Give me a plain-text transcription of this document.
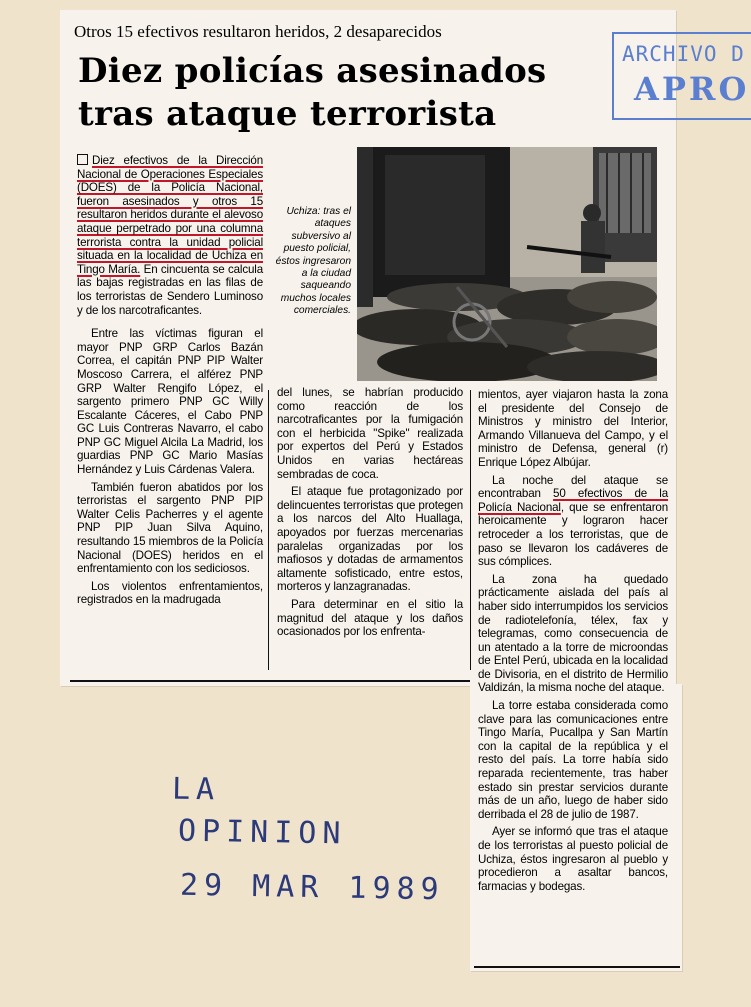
Otros 15 efectivos resultaron heridos, 2 desaparecidos
Diez policías asesinados
tras ataque terrorista
ARCHIVO D
APRO
Uchiza: tras el ataques subversivo al puesto policial, éstos ingresaron a la ciudad saqueando muchos locales comerciales.

Diez efectivos de la Dirección Nacional de Operaciones Especiales (DOES) de la Policía Nacional, fueron asesinados y otros 15 resultaron heridos durante el alevoso ataque perpetrado por una columna terrorista contra la unidad policial situada en la localidad de Uchiza en Tingo María. En cincuenta se calcula las bajas registradas en las filas de los terroristas de Sendero Luminoso y de los narcotraficantes.

Entre las víctimas figuran el mayor PNP GRP Carlos Bazán Correa, el capitán PNP PIP Walter Moscoso Carrera, el alférez PNP GRP Walter Rengifo López, el sargento primero PNP GC Willy Escalante Cáceres, el Cabo PNP GC Luis Contreras Navarro, el cabo PNP GC Miguel Alcila La Madrid, los guardias PNP GC Mario Masías Hernández y Luis Cárdenas Valera.

También fueron abatidos por los terroristas el sargento PNP PIP Walter Celis Pacherres y el agente PNP PIP Juan Silva Aquino, resultando 15 miembros de la Policía Nacional (DOES) heridos en el enfrentamiento con los sediciosos.

Los violentos enfrentamientos, registrados en la madrugada

del lunes, se habrían producido como reacción de los narcotraficantes por la fumigación con el herbicida "Spike" realizada por expertos del Perú y Estados Unidos en varias hectáreas sembradas de coca.

El ataque fue protagonizado por delincuentes terroristas que protegen a los narcos del Alto Huallaga, apoyados por fuerzas mercenarias paralelas organizadas por los mafiosos y dotadas de armamentos altamente sofisticado, entre estos, morteros y lanzagranadas.

Para determinar en el sitio la magnitud del ataque y los daños ocasionados por los enfrenta-

mientos, ayer viajaron hasta la zona el presidente del Consejo de Ministros y ministro del Interior, Armando Villanueva del Campo, y el ministro de Defensa, general (r) Enrique López Albújar.

La noche del ataque se encontraban 50 efectivos de la Policía Nacional, que se enfrentaron heroicamente y lograron hacer retroceder a los terroristas, que de paso se llevaron los cadáveres de sus cómplices.

La zona ha quedado prácticamente aislada del país al haber sido interrumpidos los servicios de radiotelefonía, télex, fax y telegramas, como consecuencia de un atentado a la torre de microondas de Entel Perú, ubicada en la localidad de Divisoria, en el distrito de Hermilio Valdizán, la misma noche del ataque.

La torre estaba considerada como clave para las comunicaciones entre Tingo María, Pucallpa y San Martín con la capital de la república y el resto del país. La torre había sido reparada recientemente, tras haber estado sin prestar servicios durante más de un año, luego de haber sido derribada el 28 de julio de 1987.

Ayer se informó que tras el ataque de los terroristas al puesto policial de Uchiza, éstos ingresaron al pueblo y procedieron a asaltar bancos, farmacias y bodegas.

LA
OPINION
29 MAR 1989
